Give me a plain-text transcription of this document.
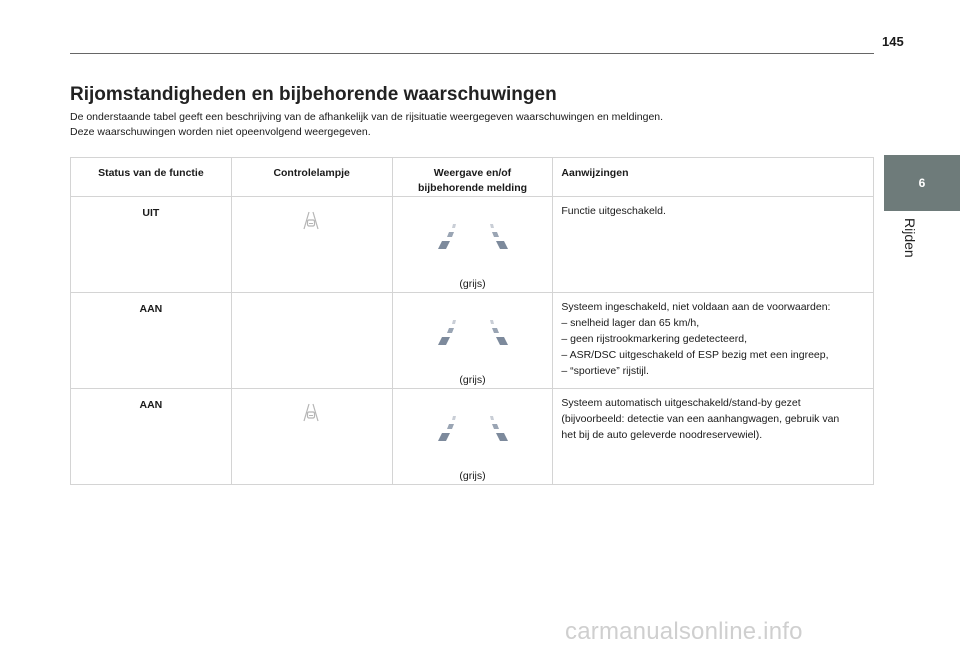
145
6
Rijden
Rijomstandigheden en bijbehorende waarschuwingen
De onderstaande tabel geeft een beschrijving van de afhankelijk van de rijsituatie weergegeven waarschuwingen en meldingen.
Deze waarschuwingen worden niet opeenvolgend weergegeven.
Status van de functie	Controlelampje	Weergave en/of
bijbehorende melding	Aanwijzingen
UIT		(grijs)	Functie uitgeschakeld.

AAN		(grijs)	Systeem ingeschakeld, niet voldaan aan de voorwaarden:
– snelheid lager dan 65 km/h,
– geen rijstrookmarkering gedetecteerd,
– ASR/DSC uitgeschakeld of ESP bezig met een ingreep,
– “sportieve” rijstijl.

AAN		(grijs)	Systeem automatisch uitgeschakeld/stand-by gezet
(bijvoorbeeld: detectie van een aanhangwagen, gebruik van
het bij de auto geleverde noodreservewiel).
carmanualsonline.info
